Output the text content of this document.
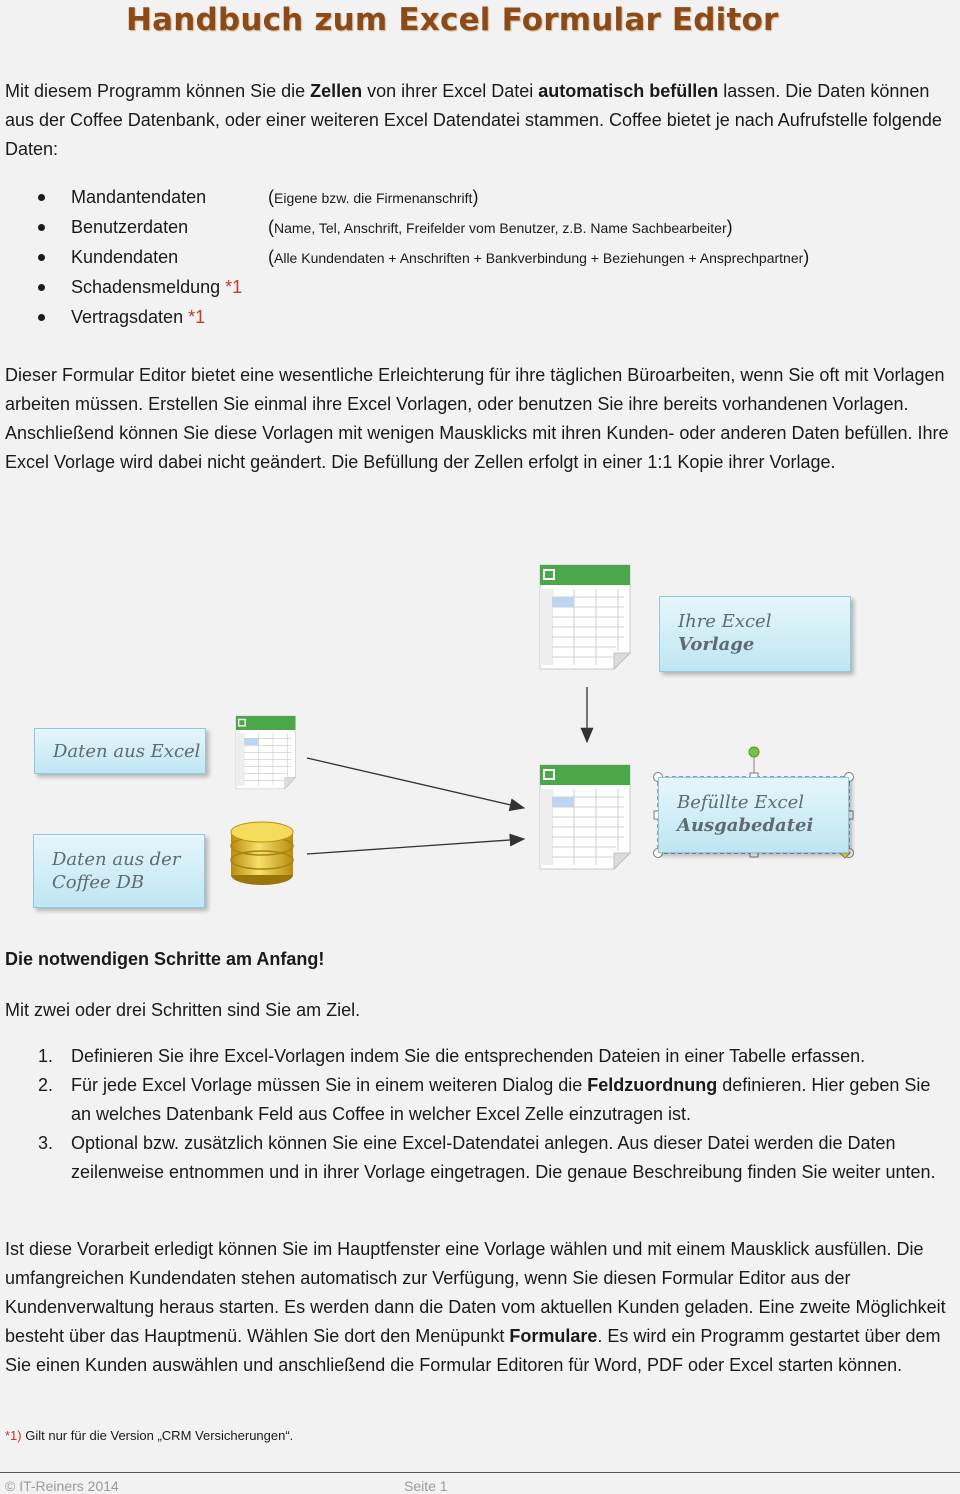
Handbuch zum Excel Formular Editor

Mit diesem Programm können Sie die Zellen von ihrer Excel Datei automatisch befüllen lassen. Die Daten können aus der Coffee Datenbank, oder einer weiteren Excel Datendatei stammen. Coffee bietet je nach Aufrufstelle folgende Daten:

Mandantendaten	(Eigene bzw. die Firmenanschrift)
Benutzerdaten	(Name, Tel, Anschrift, Freifelder vom Benutzer, z.B. Name Sachbearbeiter)
Kundendaten	(Alle Kundendaten + Anschriften + Bankverbindung + Beziehungen + Ansprechpartner)
Schadensmeldung *1
Vertragsdaten *1

Dieser Formular Editor bietet eine wesentliche Erleichterung für ihre täglichen Büroarbeiten, wenn Sie oft mit Vorlagen arbeiten müssen. Erstellen Sie einmal ihre Excel Vorlagen, oder benutzen Sie ihre bereits vorhandenen Vorlagen. Anschließend können Sie diese Vorlagen mit wenigen Mausklicks mit ihren Kunden- oder anderen Daten befüllen. Ihre Excel Vorlage wird dabei nicht geändert. Die Befüllung der Zellen erfolgt in einer 1:1 Kopie ihrer Vorlage.

Ihre Excel
Vorlage
Daten aus Excel
Daten aus der
Coffee DB
Befüllte Excel
Ausgabedatei

Die notwendigen Schritte am Anfang!

Mit zwei oder drei Schritten sind Sie am Ziel.

1. Definieren Sie ihre Excel-Vorlagen indem Sie die entsprechenden Dateien in einer Tabelle erfassen.
2. Für jede Excel Vorlage müssen Sie in einem weiteren Dialog die Feldzuordnung definieren. Hier geben Sie an welches Datenbank Feld aus Coffee in welcher Excel Zelle einzutragen ist.
3. Optional bzw. zusätzlich können Sie eine Excel-Datendatei anlegen. Aus dieser Datei werden die Daten zeilenweise entnommen und in ihrer Vorlage eingetragen. Die genaue Beschreibung finden Sie weiter unten.

Ist diese Vorarbeit erledigt können Sie im Hauptfenster eine Vorlage wählen und mit einem Mausklick ausfüllen. Die umfangreichen Kundendaten stehen automatisch zur Verfügung, wenn Sie diesen Formular Editor aus der Kundenverwaltung heraus starten. Es werden dann die Daten vom aktuellen Kunden geladen. Eine zweite Möglichkeit besteht über das Hauptmenü. Wählen Sie dort den Menüpunkt Formulare. Es wird ein Programm gestartet über dem Sie einen Kunden auswählen und anschließend die Formular Editoren für Word, PDF oder Excel starten können.

*1) Gilt nur für die Version „CRM Versicherungen“.

© IT-Reiners 2014	Seite 1
